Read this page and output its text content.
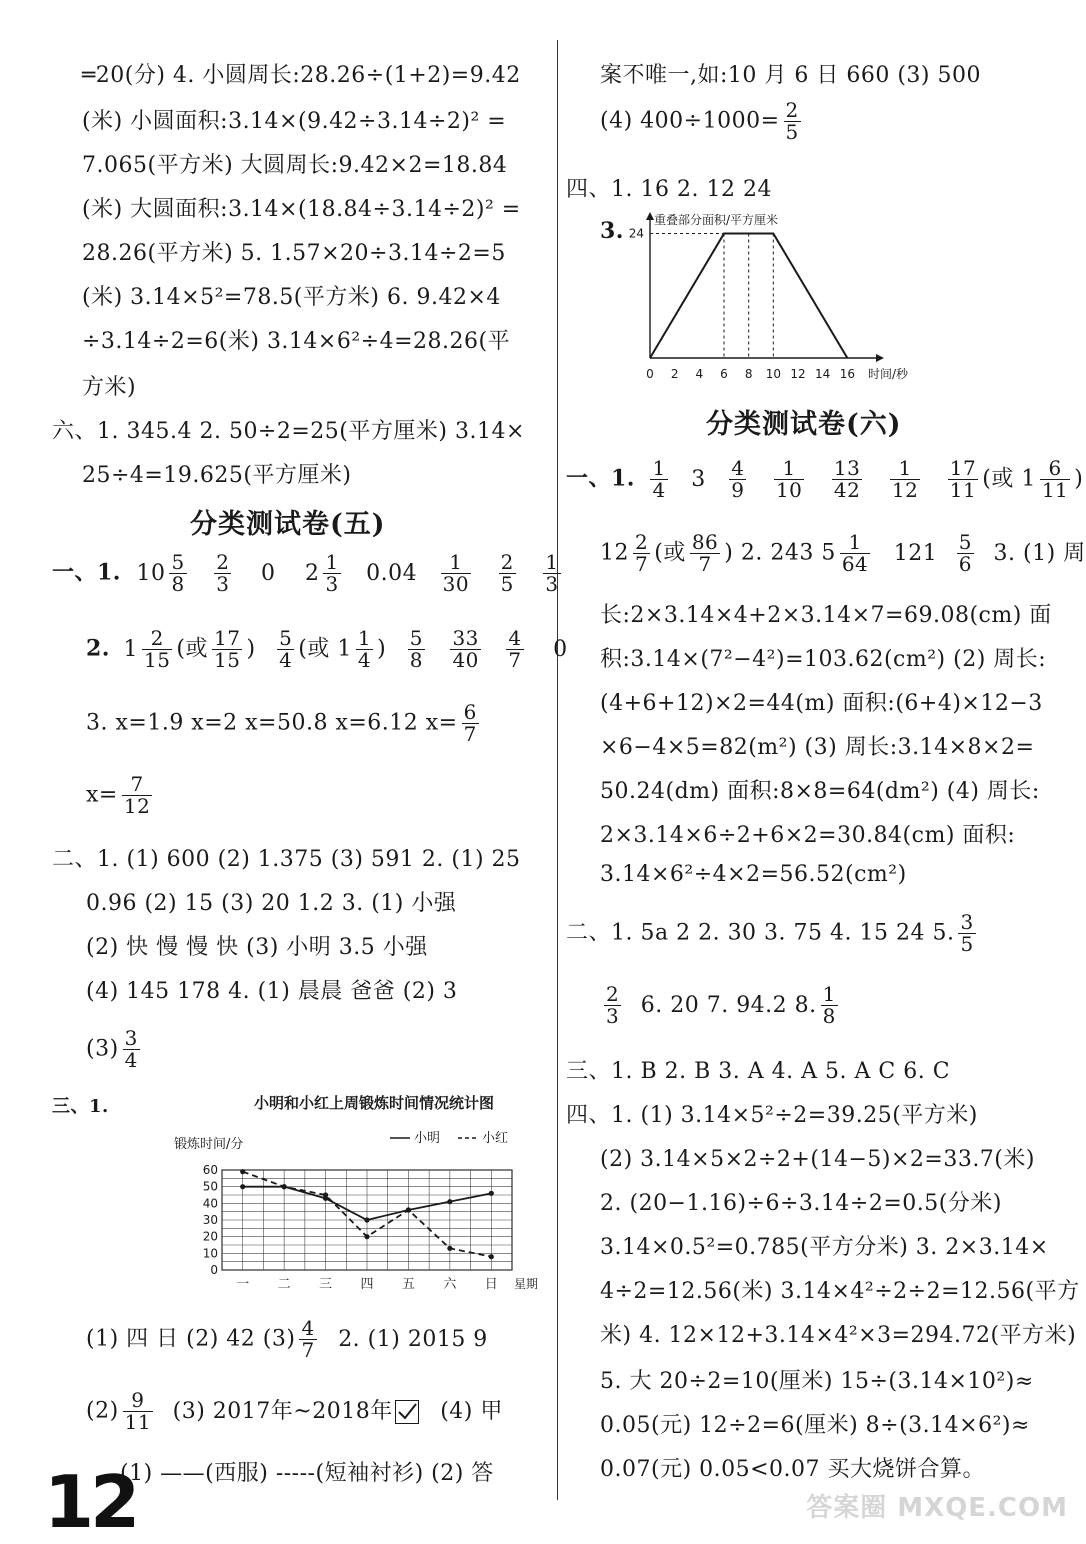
═20(分) 4. 小圆周长:28.26÷(1+2)=9.42
(米) 小圆面积:3.14×(9.42÷3.14÷2)² =
7.065(平方米) 大圆周长:9.42×2=18.84
(米) 大圆面积:3.14×(18.84÷3.14÷2)² =
28.26(平方米) 5. 1.57×20÷3.14÷2=5
(米) 3.14×5²=78.5(平方米) 6. 9.42×4
÷3.14÷2=6(米) 3.14×6²÷4=28.26(平
方米)
六、1. 345.4 2. 50÷2=25(平方厘米) 3.14×
25÷4=19.625(平方厘米)
分类测试卷(五)
一、1. $10 \frac{5}{8}$
$\frac{2}{3} 0$ $2 \frac{1}{3} 0.04 \frac{1}{30}$
$\frac{2}{5}$
$\frac{1}{3}$
2. $1 \frac{2}{15}$ (或 $\frac{17}{15}$ ) $\frac{5}{4}$ (或 $1 \frac{1}{4}$ ) $\frac{5}{8}$
$\frac{33}{40}$
$\frac{4}{7} 0$
3. x=1.9 x=2 x=50.8 x=6.12 $x= \frac{6}{7}$
$x= \frac{7}{12}$
二、1. (1) 600 (2) 1.375 (3) 591 2. (1) 25
0.96 (2) 15 (3) 20 1.2 3. (1) 小强
(2) 快 慢 慢 快 (3) 小明 3.5 小强
(4) 145 178 4. (1) 晨晨 爸爸 (2) 3
$(3) \frac{3}{4}$
三、1.	小明和小红上周锻炼时间情况统计图
锻炼时间/分
0
10
20
30
40
50
60
一 二 三 四 五 六 日 星期
小明	小红
(1) 四 日 (2) 42 $(3) \frac{4}{7} 2$. (1) 2015 9
$(2) \frac{9}{11} (3)$ 2017年~2018年 (4) 甲
(1) ——(西服) -----(短袖衬衫) (2) 答
12
案不唯一,如:10 月 6 日 660 (3) 500
(4) $400\div 1000= \frac{2}{5}$
四、1. 16 2. 12 24
3.	重叠部分面积/平方厘米
时间/秒
0 2 4 6 8 10 12 14 16
24
分类测试卷(六)
一、1. $\frac{1}{4} 3 \frac{4}{9}$
$\frac{1}{10}$
$\frac{13}{42}$
$\frac{1}{12}$
$\frac{17}{11}$ (或 $1 \frac{6}{11}$ )
$12 \frac{2}{7}$ (或 $\frac{86}{7}$ ) 2. 243 $5 \frac{1}{64} 121 \frac{5}{6} 3$. (1) 周
长:2×3.14×4+2×3.14×7=69.08(cm) 面
积:3.14×(7²−4²)=103.62(cm²) (2) 周长:
(4+6+12)×2=44(m) 面积:(6+4)×12−3
×6−4×5=82(m²) (3) 周长:3.14×8×2=
50.24(dm) 面积:8×8=64(dm²) (4) 周长:
2×3.14×6÷2+6×2=30.84(cm) 面积:
3.14×6²÷4×2=56.52(cm²)
二、1. 5a 2 2. 30 3. 75 4. 15 24 5. $\frac{3}{5}$
$\frac{2}{3} 6$. 20 7. 94.2 8. $\frac{1}{8}$
三、1. B 2. B 3. A 4. A 5. A C 6. C
四、1. (1) 3.14×5²÷2=39.25(平方米)
(2) 3.14×5×2÷2+(14−5)×2=33.7(米)
2. (20−1.16)÷6÷3.14÷2=0.5(分米)
3.14×0.5²=0.785(平方分米) 3. 2×3.14×
4÷2=12.56(米) 3.14×4²÷2÷2=12.56(平方
米) 4. 12×12+3.14×4²×3=294.72(平方米)
5. 大 20÷2=10(厘米) 15÷(3.14×10²)≈
0.05(元) 12÷2=6(厘米) 8÷(3.14×6²)≈
0.07(元) 0.05<0.07 买大烧饼合算。
答案圈 MXQE.COM
